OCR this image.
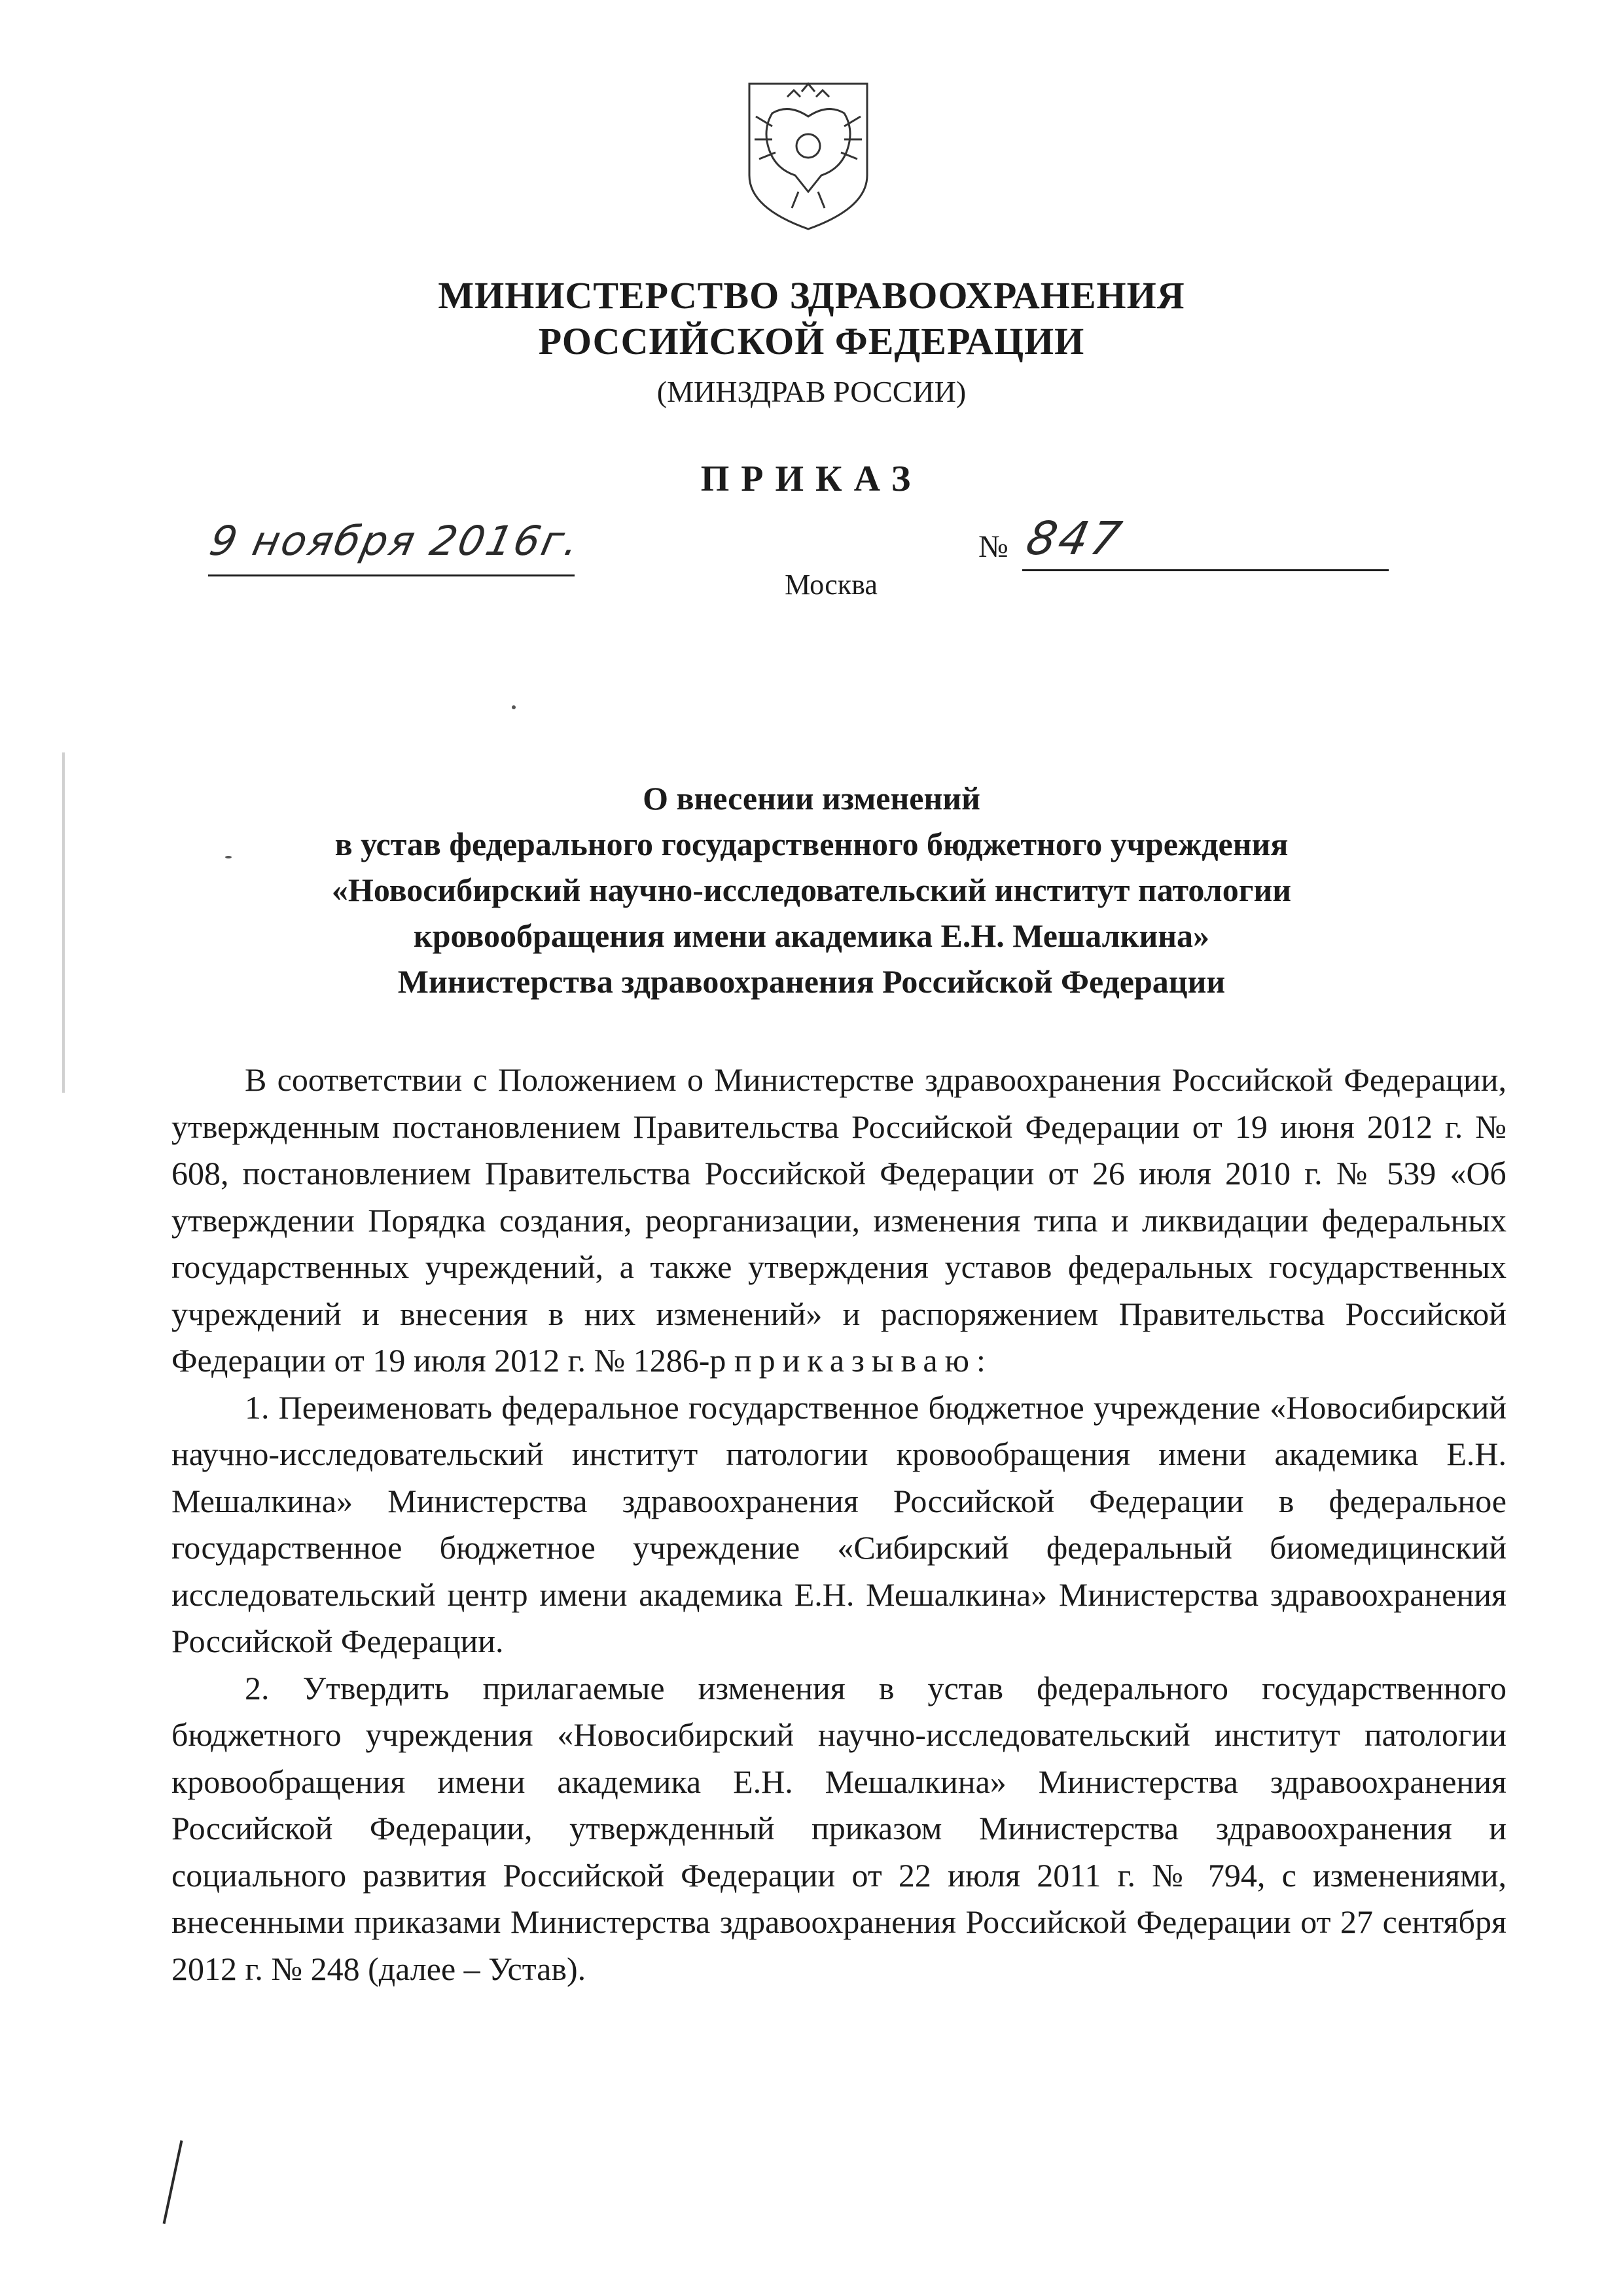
МИНИСТЕРСТВО ЗДРАВООХРАНЕНИЯ
РОССИЙСКОЙ ФЕДЕРАЦИИ
(МИНЗДРАВ РОССИИ)
ПРИКАЗ
9 ноября 2016г.	№ 847
Москва
О внесении изменений
в устав федерального государственного бюджетного учреждения
«Новосибирский научно-исследовательский институт патологии
кровообращения имени академика Е.Н. Мешалкина»
Министерства здравоохранения Российской Федерации

В соответствии с Положением о Министерстве здравоохранения Российской Федерации, утвержденным постановлением Правительства Российской Федерации от 19 июня 2012 г. № 608, постановлением Правительства Российской Федерации от 26 июля 2010 г. № 539 «Об утверждении Порядка создания, реорганизации, изменения типа и ликвидации федеральных государственных учреждений, а также утверждения уставов федеральных государственных учреждений и внесения в них изменений» и распоряжением Правительства Российской Федерации от 19 июля 2012 г. № 1286-р приказываю:

1. Переименовать федеральное государственное бюджетное учреждение «Новосибирский научно-исследовательский институт патологии кровообращения имени академика Е.Н. Мешалкина» Министерства здравоохранения Российской Федерации в федеральное государственное бюджетное учреждение «Сибирский федеральный биомедицинский исследовательский центр имени академика Е.Н. Мешалкина» Министерства здравоохранения Российской Федерации.

2. Утвердить прилагаемые изменения в устав федерального государственного бюджетного учреждения «Новосибирский научно-исследовательский институт патологии кровообращения имени академика Е.Н. Мешалкина» Министерства здравоохранения Российской Федерации, утвержденный приказом Министерства здравоохранения и социального развития Российской Федерации от 22 июля 2011 г. № 794, с изменениями, внесенными приказами Министерства здравоохранения Российской Федерации от 27 сентября 2012 г. № 248 (далее – Устав).
